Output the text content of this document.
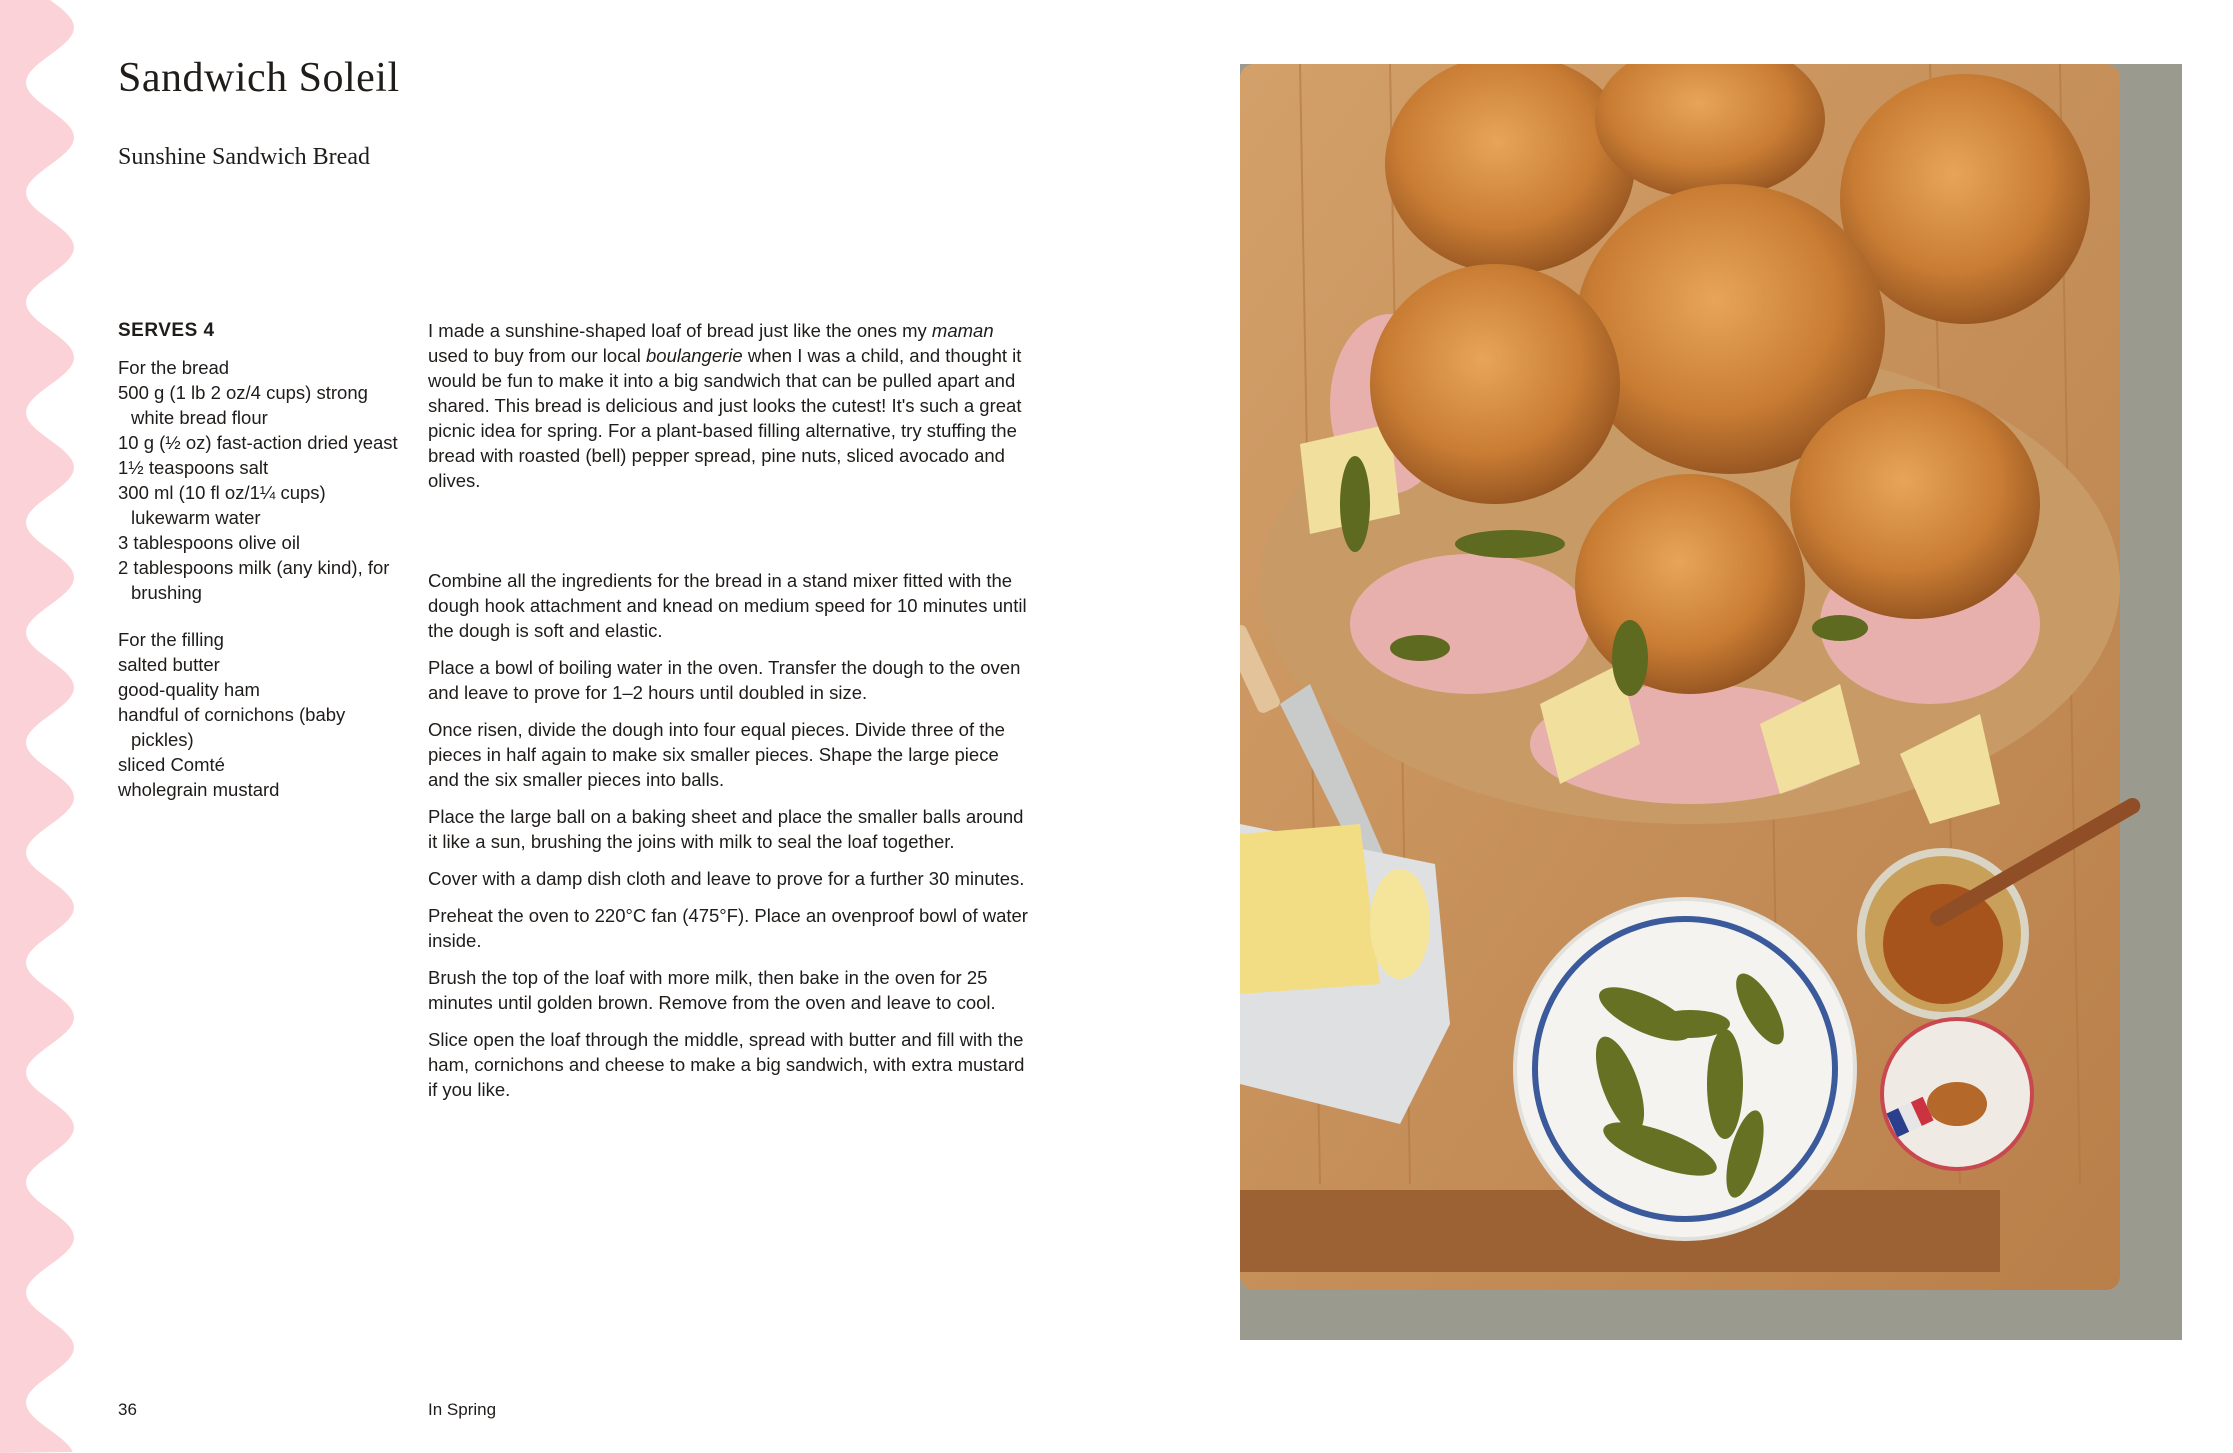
Sandwich Soleil
Sunshine Sandwich Bread
SERVES 4

For the bread

500 g (1 lb 2 oz/4 cups) strong white bread flour
10 g (½ oz) fast-action dried yeast
1½ teaspoons salt
300 ml (10 fl oz/1¼ cups) lukewarm water
3 tablespoons olive oil
2 tablespoons milk (any kind), for brushing

For the filling

salted butter
good-quality ham
handful of cornichons (baby pickles)
sliced Comté
wholegrain mustard

I made a sunshine-shaped loaf of bread just like the ones my maman used to buy from our local boulangerie when I was a child, and thought it would be fun to make it into a big sandwich that can be pulled apart and shared. This bread is delicious and just looks the cutest! It's such a great picnic idea for spring. For a plant-based filling alternative, try stuffing the bread with roasted (bell) pepper spread, pine nuts, sliced avocado and olives.

Combine all the ingredients for the bread in a stand mixer fitted with the dough hook attachment and knead on medium speed for 10 minutes until the dough is soft and elastic.

Place a bowl of boiling water in the oven. Transfer the dough to the oven and leave to prove for 1–2 hours until doubled in size.

Once risen, divide the dough into four equal pieces. Divide three of the pieces in half again to make six smaller pieces. Shape the large piece and the six smaller pieces into balls.

Place the large ball on a baking sheet and place the smaller balls around it like a sun, brushing the joins with milk to seal the loaf together.

Cover with a damp dish cloth and leave to prove for a further 30 minutes.

Preheat the oven to 220°C fan (475°F). Place an ovenproof bowl of water inside.

Brush the top of the loaf with more milk, then bake in the oven for 25 minutes until golden brown. Remove from the oven and leave to cool.

Slice open the loaf through the middle, spread with butter and fill with the ham, cornichons and cheese to make a big sandwich, with extra mustard if you like.

36	In Spring
